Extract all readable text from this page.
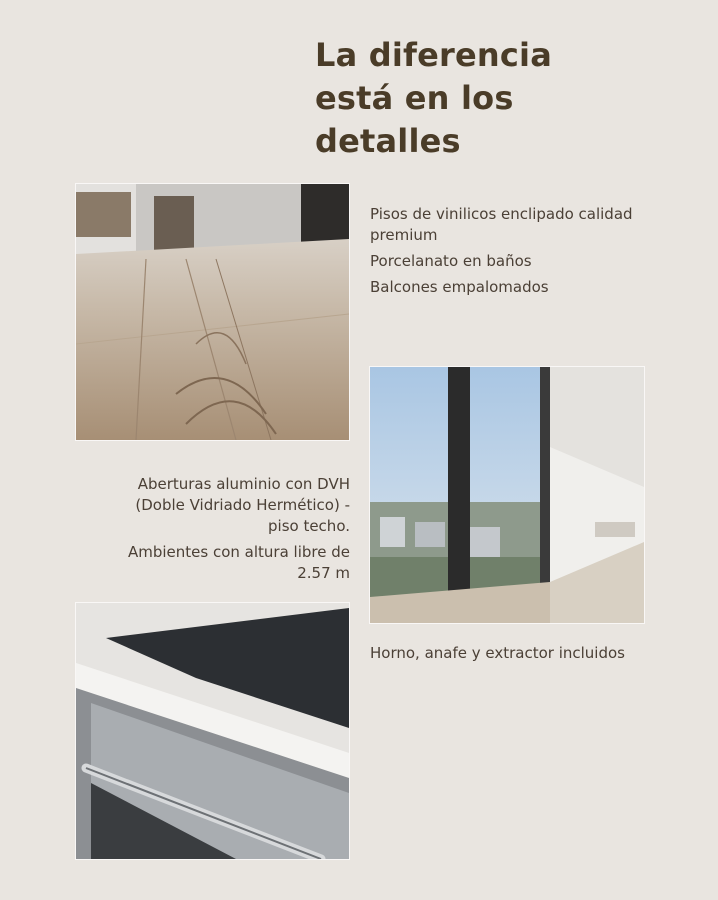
La diferencia
está en los
detalles

Pisos de vinilicos enclipado calidad premium

Porcelanato en baños

Balcones empalomados

Aberturas aluminio con DVH (Doble Vidriado Hermético) - piso techo.

Ambientes con altura libre de 2.57 m

Horno, anafe y extractor incluidos
